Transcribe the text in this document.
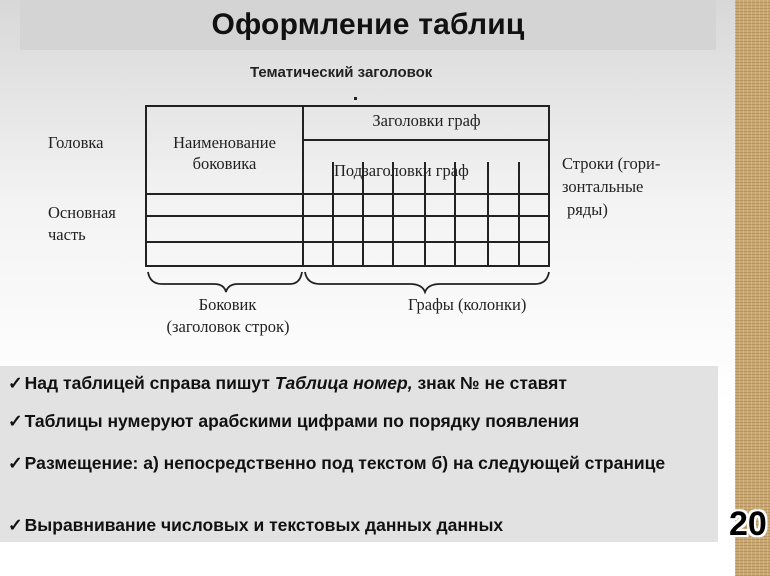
Оформление таблиц
Тематический заголовок
Головка	Наименование
боковика
Заголовки граф
Подзаголовки граф	Строки (гори-
зонтальные
ряды)
Основная
часть
Боковик
(заголовок строк)
Графы (колонки)
✓ Над таблицей справа пишут Таблица номер, знак № не ставят
✓ Таблицы нумеруют арабскими цифрами по порядку появления
✓ Размещение: а) непосредственно под текстом б) на следующей странице
✓ Выравнивание числовых и текстовых данных данных	20
